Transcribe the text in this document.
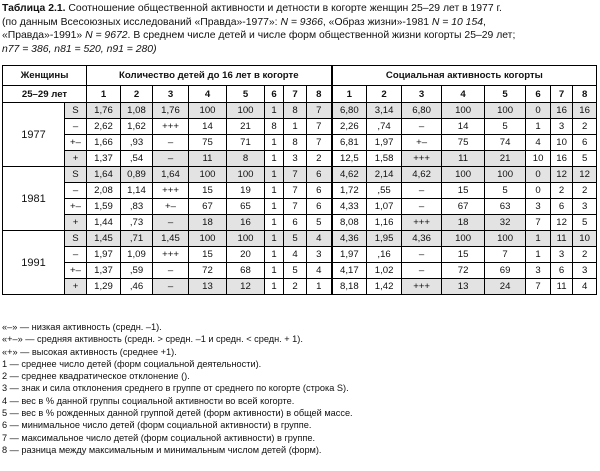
Таблица 2.1. Соотношение общественной активности и детности в когорте женщин 25–29 лет в 1977 г.
(по данным Всесоюзных исследований «Правда»-1977»: N = 9366, «Образ жизни»-1981 N = 10 154,
«Правда»-1991» N = 9672. В среднем числе детей и числе форм общественной жизни когорты 25–29 лет;
n77 = 386, n81 = 520, n91 = 280)
Женщины		Количество детей до 16 лет в когорте								Социальная активность когорты							
25–29 лет		1	2	3	4	5	6	7	8	1	2	3	4	5	6	7	8
1977	S	1,76	1,08	1,76	100	100	1	8	7	6,80	3,14	6,80	100	100	0	16	16
	–	2,62	1,62	+++	14	21	8	1	7	2,26	,74	–	14	5	1	3	2
	+–	1,66	,93	–	75	71	1	8	7	6,81	1,97	+–	75	74	4	10	6
	+	1,37	,54	–	11	8	1	3	2	12,5	1,58	+++	11	21	10	16	5
1981	S	1,64	0,89	1,64	100	100	1	7	6	4,62	2,14	4,62	100	100	0	12	12
	–	2,08	1,14	+++	15	19	1	7	6	1,72	,55	–	15	5	0	2	2
	+–	1,59	,83	+–	67	65	1	7	6	4,33	1,07	–	67	63	3	6	3
	+	1,44	,73	–	18	16	1	6	5	8,08	1,16	+++	18	32	7	12	5
1991	S	1,45	,71	1,45	100	100	1	5	4	4,36	1,95	4,36	100	100	1	11	10
	–	1,97	1,09	+++	15	20	1	4	3	1,97	,16	–	15	7	1	3	2
	+–	1,37	,59	–	72	68	1	5	4	4,17	1,02	–	72	69	3	6	3
	+	1,29	,46	–	13	12	1	2	1	8,18	1,42	+++	13	24	7	11	4
«–» — низкая активность (средн. –1).
«+–» — средняя активность (средн. > средн. –1 и средн. < средн. + 1).
«+» — высокая активность (среднее +1).
1 — среднее число детей (форм социальной деятельности).
2 — среднее квадратическое отклонение ().
3 — знак и сила отклонения среднего в группе от среднего по когорте (строка S).
4 — вес в % данной группы социальной активности во всей когорте.
5 — вес в % рожденных данной группой детей (форм активности) в общей массе.
6 — минимальное число детей (форм социальной активности) в группе.
7 — максимальное число детей (форм социальной активности) в группе.
8 — разница между максимальным и минимальным числом детей (форм).
